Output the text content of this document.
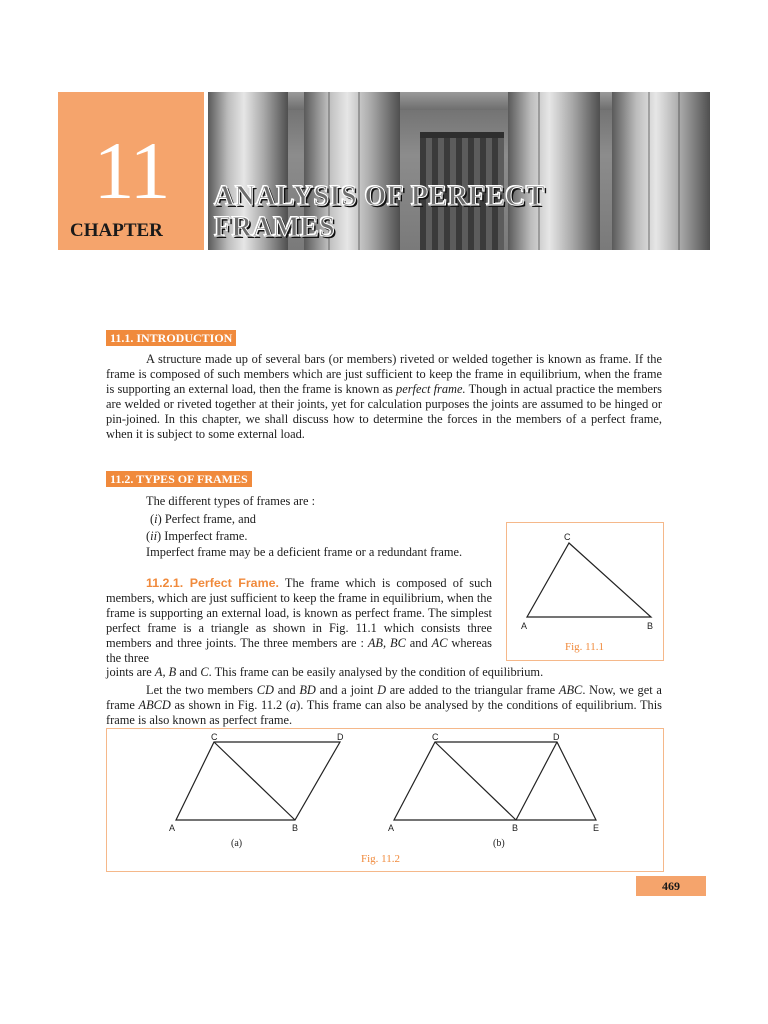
11
CHAPTER
ANALYSIS OF PERFECT
FRAMES
11.1. INTRODUCTION
A structure made up of several bars (or members) riveted or welded together is known as frame. If the frame is composed of such members which are just sufficient to keep the frame in equilibrium, when the frame is supporting an external load, then the frame is known as perfect frame. Though in actual practice the members are welded or riveted together at their joints, yet for calculation purposes the joints are assumed to be hinged or pin-joined. In this chapter, we shall discuss how to determine the forces in the members of a perfect frame, when it is subject to some external load.
11.2. TYPES OF FRAMES
The different types of frames are :
(i) Perfect frame, and
(ii) Imperfect frame.
Imperfect frame may be a deficient frame or a redundant frame.
11.2.1. Perfect Frame. The frame which is composed of such members, which are just sufficient to keep the frame in equilibrium, when the frame is supporting an external load, is known as perfect frame. The simplest perfect frame is a triangle as shown in Fig. 11.1 which consists three members and three joints. The three members are : AB, BC and AC whereas the three
joints are A, B and C. This frame can be easily analysed by the condition of equilibrium.
Let the two members CD and BD and a joint D are added to the triangular frame ABC. Now, we get a frame ABCD as shown in Fig. 11.2 (a). This frame can also be analysed by the conditions of equilibrium. This frame is also known as perfect frame.
C
A	B
Fig. 11.1
C	D
A	B
(a)
C	D
A	B	E
(b)
Fig. 11.2
469
